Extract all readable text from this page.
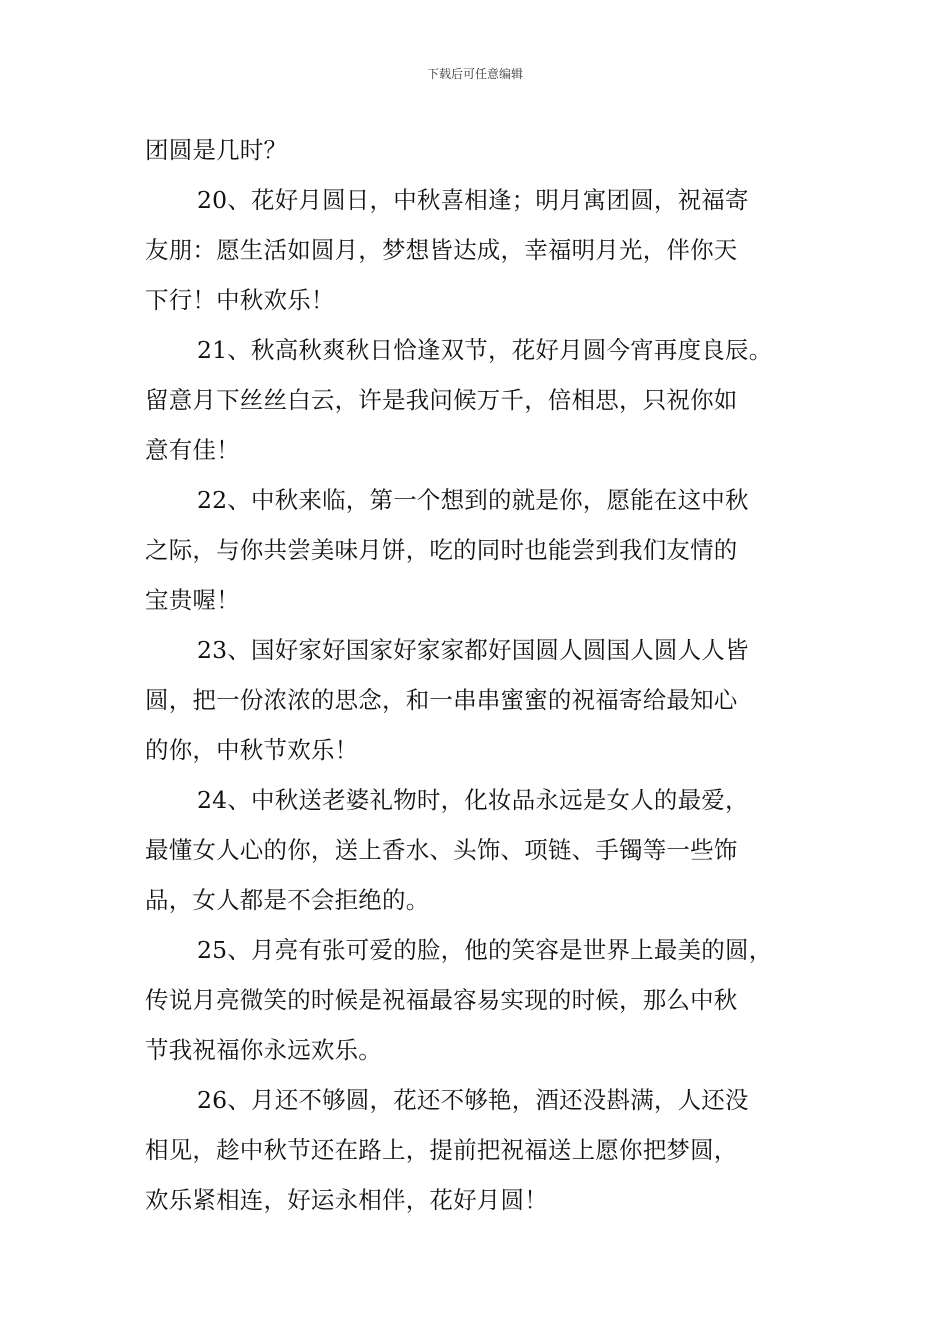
下载后可任意编辑
团圆是几时？
20、花好月圆日，中秋喜相逢；明月寓团圆，祝福寄
友朋：愿生活如圆月，梦想皆达成，幸福明月光，伴你天
下行！中秋欢乐！
21、秋高秋爽秋日恰逢双节，花好月圆今宵再度良辰。
留意月下丝丝白云，许是我问候万千，倍相思，只祝你如
意有佳！
22、中秋来临，第一个想到的就是你，愿能在这中秋
之际，与你共尝美味月饼，吃的同时也能尝到我们友情的
宝贵喔！
23、国好家好国家好家家都好国圆人圆国人圆人人皆
圆，把一份浓浓的思念，和一串串蜜蜜的祝福寄给最知心
的你，中秋节欢乐！
24、中秋送老婆礼物时，化妆品永远是女人的最爱，
最懂女人心的你，送上香水、头饰、项链、手镯等一些饰
品，女人都是不会拒绝的。
25、月亮有张可爱的脸，他的笑容是世界上最美的圆，
传说月亮微笑的时候是祝福最容易实现的时候，那么中秋
节我祝福你永远欢乐。
26、月还不够圆，花还不够艳，酒还没斟满，人还没
相见，趁中秋节还在路上，提前把祝福送上愿你把梦圆，
欢乐紧相连，好运永相伴，花好月圆！
